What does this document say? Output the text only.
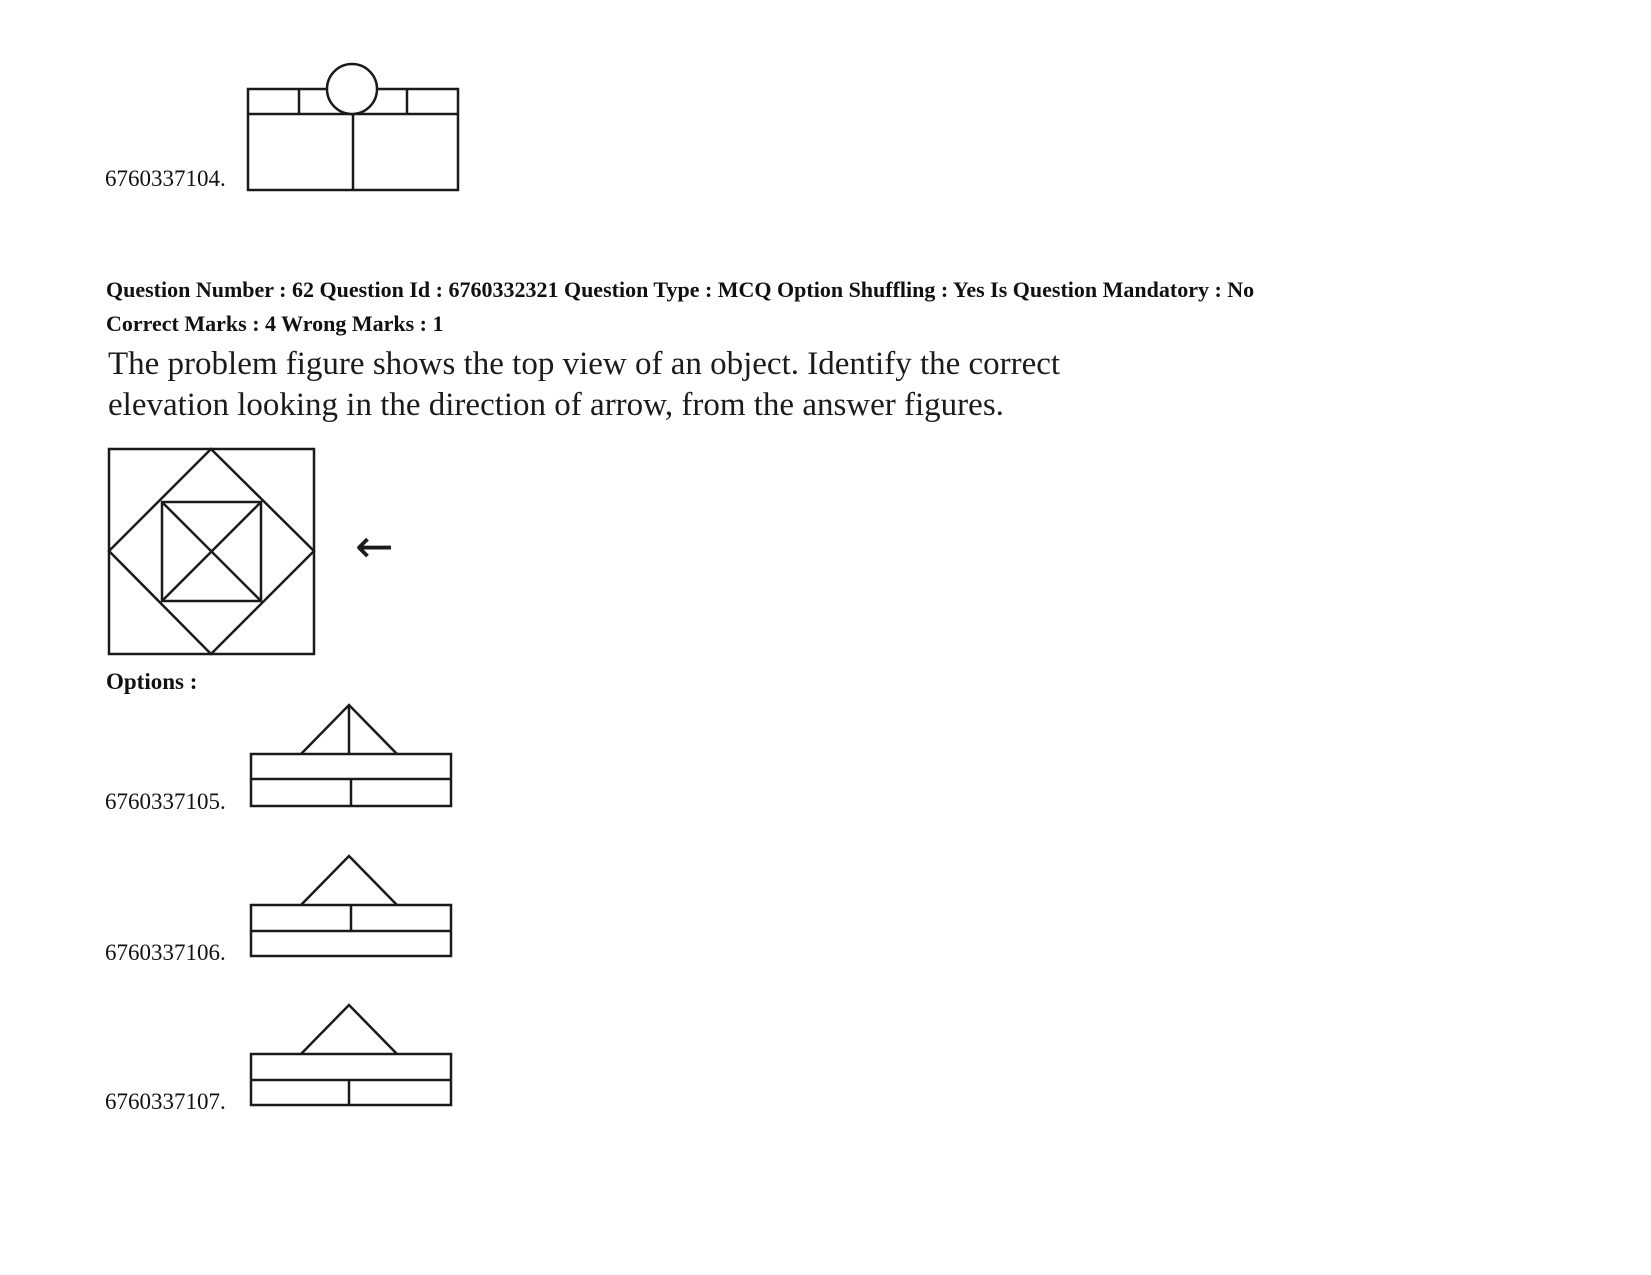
6760337104.
Question Number : 62 Question Id : 6760332321 Question Type : MCQ Option Shuffling : Yes Is Question Mandatory : No
Correct Marks : 4 Wrong Marks : 1
The problem figure shows the top view of an object. Identify the correct
elevation looking in the direction of arrow, from the answer figures.
←
Options :
6760337105.
6760337106.
6760337107.
